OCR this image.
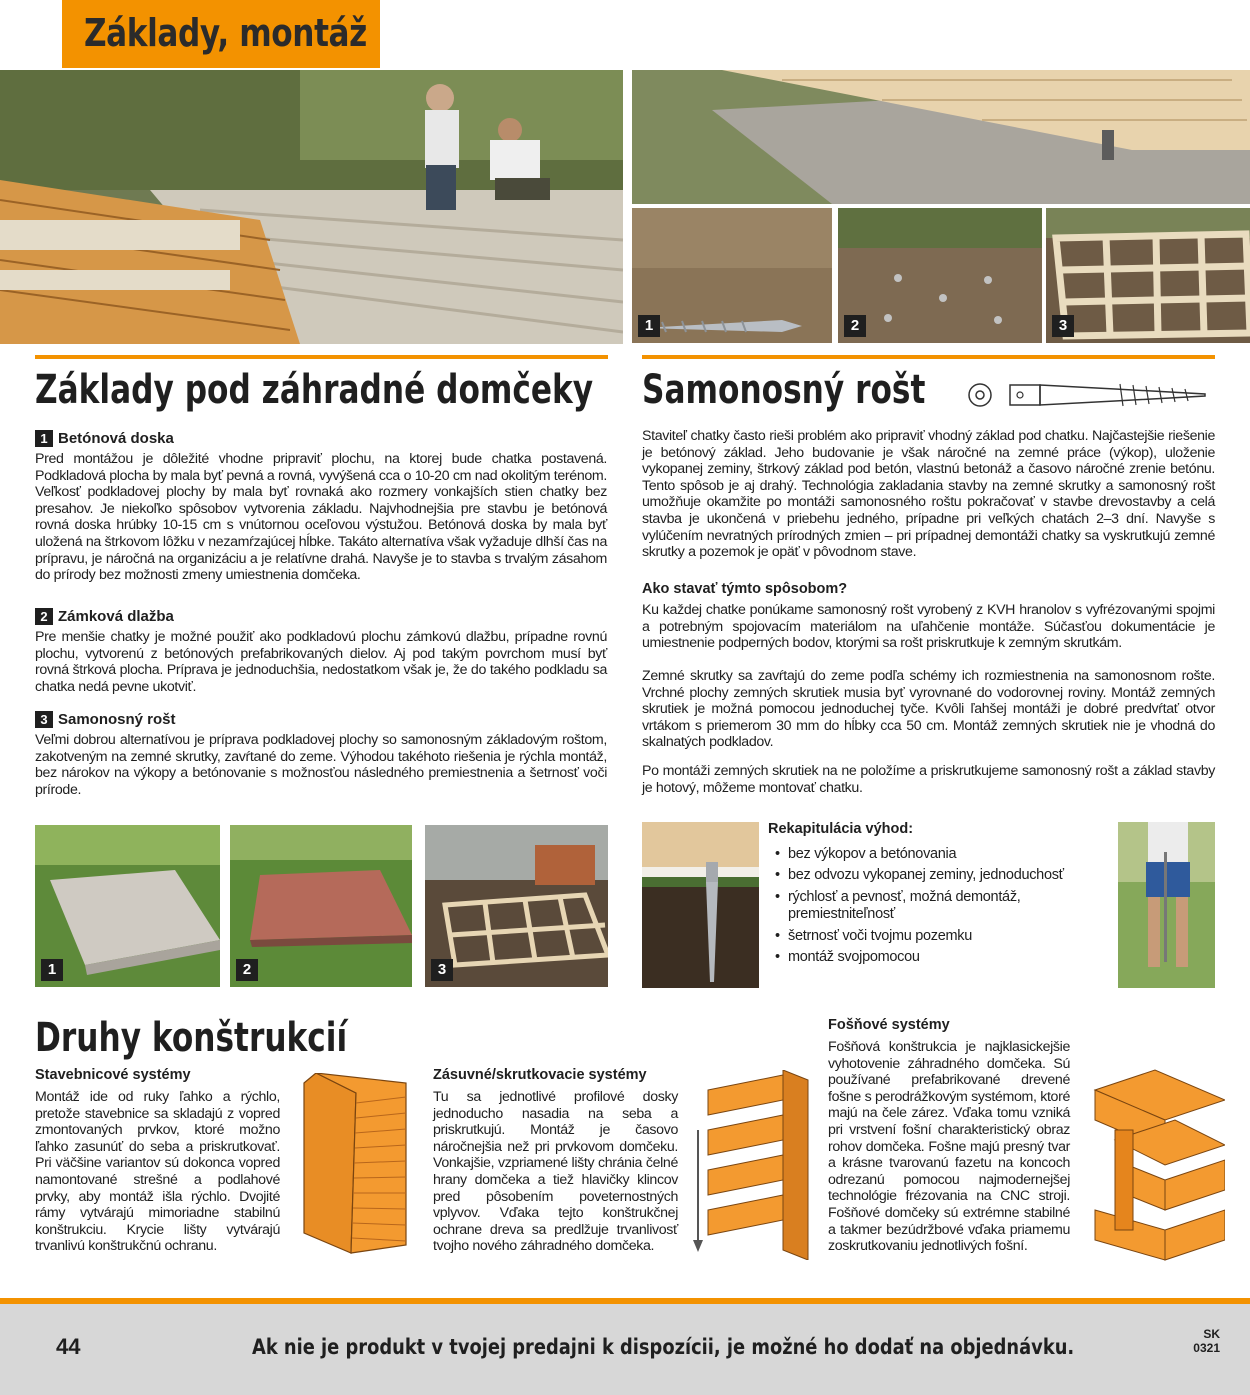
Základy, montáž
1	2	3
Základy pod záhradné domčeky
1 Betónová doska
Pred montážou je dôležité vhodne pripraviť plochu, na ktorej bude chatka postavená. Podkladová plocha by mala byť pevná a rovná, vyvýšená cca o 10-20 cm nad okolitým terénom. Veľkosť podkladovej plochy by mala byť rovnaká ako rozmery vonkajších stien chatky bez presahov. Je niekoľko spôsobov vytvorenia základu. Najvhodnejšia pre stavbu je betónová rovná doska hrúbky 10-15 cm s vnútornou oceľovou výstužou. Betónová doska by mala byť uložená na štrkovom lôžku v nezamŕzajúcej hĺbke. Takáto alternatíva však vyžaduje dlhší čas na prípravu, je náročná na organizáciu a je relatívne drahá. Navyše je to stavba s trvalým zásahom do prírody bez možnosti zmeny umiestnenia domčeka.
2 Zámková dlažba
Pre menšie chatky je možné použiť ako podkladovú plochu zámkovú dlažbu, prípadne rovnú plochu, vytvorenú z betónových prefabrikovaných dielov. Aj pod takým povrchom musí byť rovná štrková plocha. Príprava je jednoduchšia, nedostatkom však je, že do takého podkladu sa chatka nedá pevne ukotviť.
3 Samonosný rošt
Veľmi dobrou alternatívou je príprava podkladovej plochy so samonosným základovým roštom, zakotveným na zemné skrutky, zavŕtané do zeme. Výhodou takéhoto riešenia je rýchla montáž, bez nárokov na výkopy a betónovanie s možnosťou následného premiestnenia a šetrnosť voči prírode.
1	2	3
Samonosný rošt
Staviteľ chatky často rieši problém ako pripraviť vhodný základ pod chatku. Najčastejšie riešenie je betónový základ. Jeho budovanie je však náročné na zemné práce (výkop), uloženie vykopanej zeminy, štrkový základ pod betón, vlastnú betonáž a časovo náročné zrenie betónu. Tento spôsob je aj drahý. Technológia zakladania stavby na zemné skrutky a samonosný rošt umožňuje okamžite po montáži samonosného roštu pokračovať v stavbe drevostavby a celá stavba je ukončená v priebehu jedného, prípadne pri veľkých chatách 2–3 dní. Navyše s vylúčením nevratných prírodných zmien – pri prípadnej demontáži chatky sa vyskrutkujú zemné skrutky a pozemok je opäť v pôvodnom stave.
Ako stavať týmto spôsobom?
Ku každej chatke ponúkame samonosný rošt vyrobený z KVH hranolov s vyfrézovanými spojmi a potrebným spojovacím materiálom na uľahčenie montáže. Súčasťou dokumentácie je umiestnenie podperných bodov, ktorými sa rošt priskrutkuje k zemným skrutkám.
Zemné skrutky sa zavŕtajú do zeme podľa schémy ich rozmiestnenia na samonosnom rošte. Vrchné plochy zemných skrutiek musia byť vyrovnané do vodorovnej roviny. Montáž zemných skrutiek je možná pomocou jednoduchej tyče. Kvôli ľahšej montáži je dobré predvŕtať otvor vrtákom s priemerom 30 mm do hĺbky cca 50 cm. Montáž zemných skrutiek nie je vhodná do skalnatých podkladov.
Po montáži zemných skrutiek na ne položíme a priskrutkujeme samonosný rošt a základ stavby je hotový, môžeme montovať chatku.
Rekapitulácia výhod:
• bez výkopov a betónovania
• bez odvozu vykopanej zeminy, jednoduchosť
• rýchlosť a pevnosť, možná demontáž, premiestniteľnosť
• šetrnosť voči tvojmu pozemku
• montáž svojpomocou
Druhy konštrukcií
Stavebnicové systémy
Montáž ide od ruky ľahko a rýchlo, pretože stavebnice sa skladajú z vopred zmontovaných prvkov, ktoré možno ľahko zasunúť do seba a priskrutkovať. Pri väčšine variantov sú dokonca vopred namontované strešné a podlahové prvky, aby montáž išla rýchlo. Dvojité rámy vytvárajú mimoriadne stabilnú konštrukciu. Krycie lišty vytvárajú trvanlivú konštrukčnú ochranu.
Zásuvné/skrutkovacie systémy
Tu sa jednotlivé profilové dosky jednoducho nasadia na seba a priskrutkujú. Montáž je časovo náročnejšia než pri prvkovom domčeku. Vonkajšie, vzpriamené lišty chránia čelné hrany domčeka a tiež hlavičky klincov pred pôsobením poveternostných vplyvov. Vďaka tejto konštrukčnej ochrane dreva sa predlžuje trvanlivosť tvojho nového záhradného domčeka.
Fošňové systémy
Fošňová konštrukcia je najklasickejšie vyhotovenie záhradného domčeka. Sú používané prefabrikované drevené fošne s perodrážkovým systémom, ktoré majú na čele zárez. Vďaka tomu vzniká pri vrstvení fošní charakteristický obraz rohov domčeka. Fošne majú presný tvar a krásne tvarovanú fazetu na koncoch odrezanú pomocou najmodernejšej technológie frézovania na CNC stroji. Fošňové domčeky sú extrémne stabilné a takmer bezúdržbové vďaka priamemu zoskrutkovaniu jednotlivých fošní.
44	Ak nie je produkt v tvojej predajni k dispozícii, je možné ho dodať na objednávku.
SK
0321
